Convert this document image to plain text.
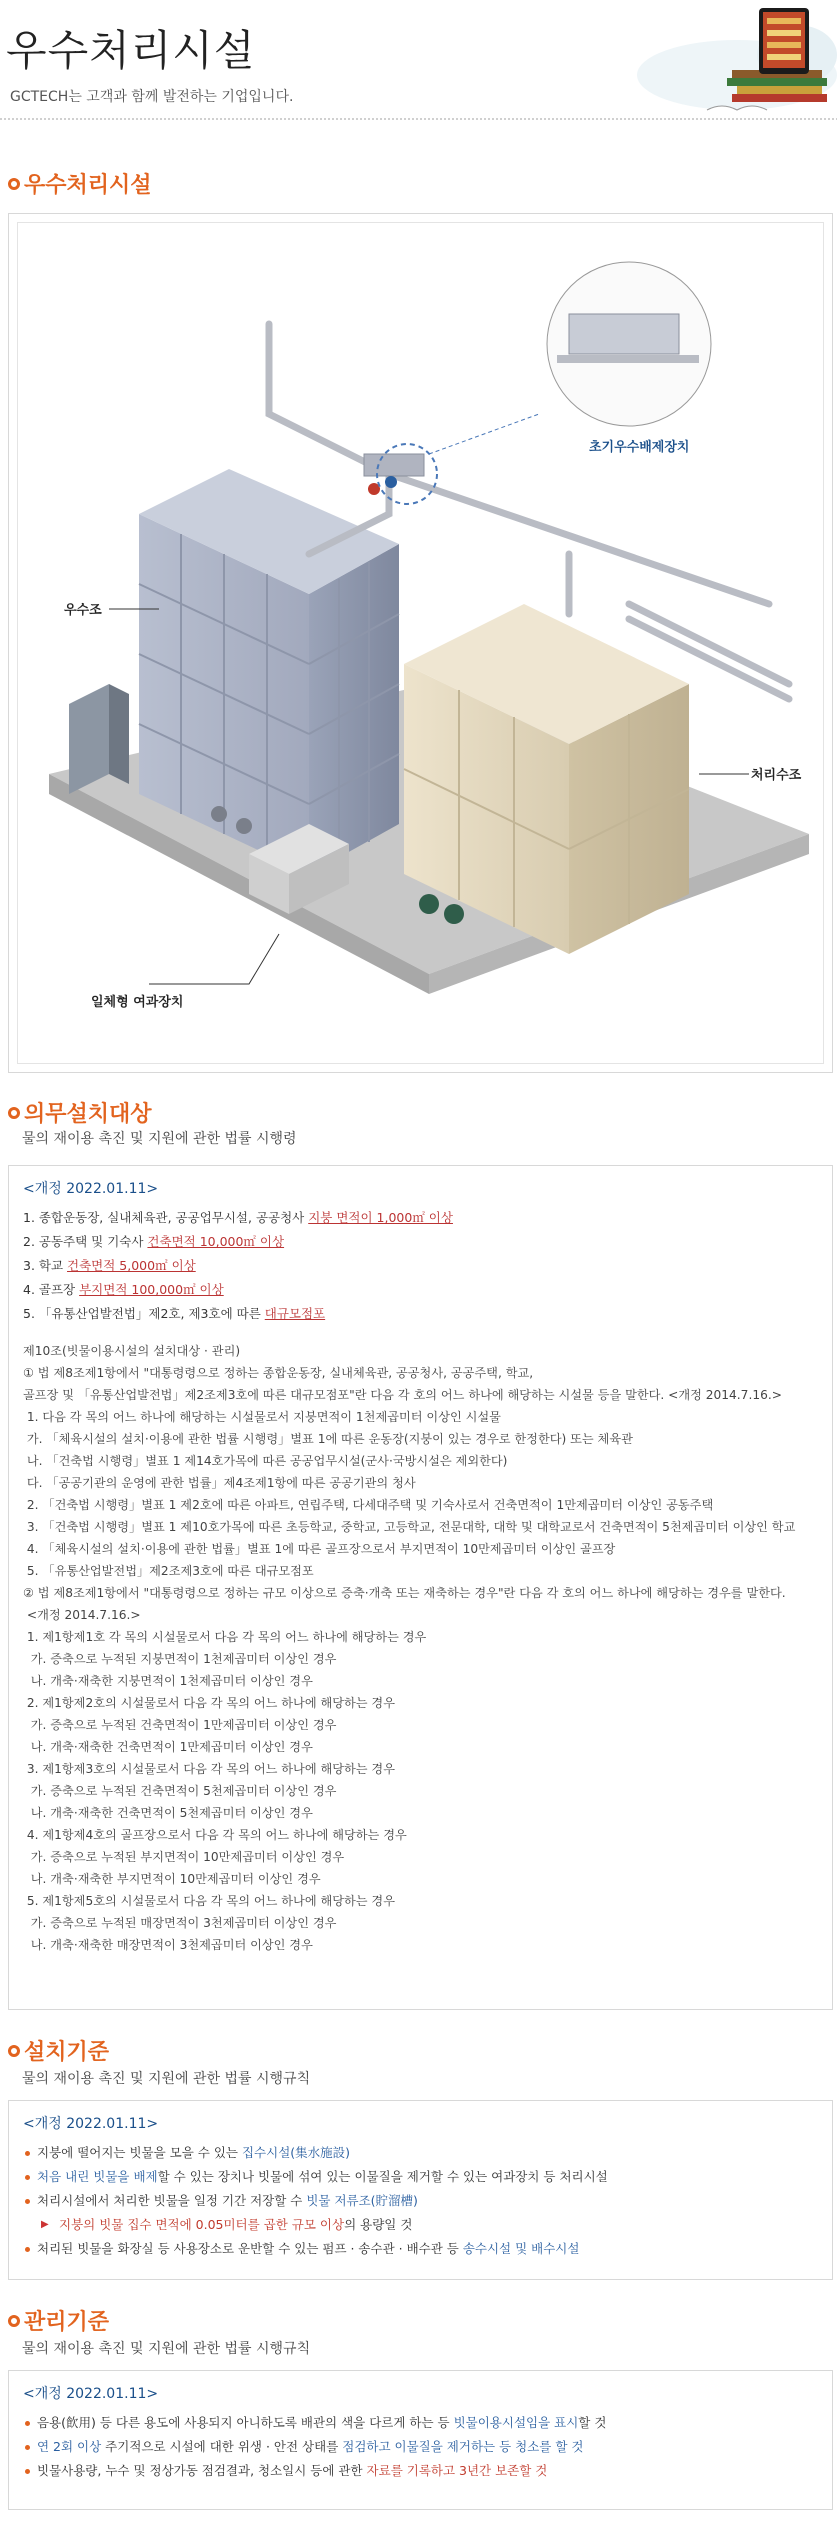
우수처리시설
GCTECH는 고객과 함께 발전하는 기업입니다.
우수처리시설
초기우수배제장치
우수조
처리수조
일체형 여과장치
의무설치대상
물의 재이용 촉진 및 지원에 관한 법률 시행령
<개정 2022.01.11>
1. 종합운동장, 실내체육관, 공공업무시설, 공공청사 지붕 면적이 1,000㎡ 이상
2. 공동주택 및 기숙사 건축면적 10,000㎡ 이상
3. 학교 건축면적 5,000㎡ 이상
4. 골프장 부지면적 100,000㎡ 이상
5. 「유통산업발전법」제2호, 제3호에 따른 대규모점포
제10조(빗물이용시설의 설치대상 · 관리)
① 법 제8조제1항에서 "대통령령으로 정하는 종합운동장, 실내체육관, 공공청사, 공공주택, 학교,
골프장 및 「유통산업발전법」제2조제3호에 따른 대규모점포"란 다음 각 호의 어느 하나에 해당하는 시설물 등을 말한다. <개정 2014.7.16.>
1. 다음 각 목의 어느 하나에 해당하는 시설물로서 지붕면적이 1천제곱미터 이상인 시설물
가. 「체육시설의 설치·이용에 관한 법률 시행령」별표 1에 따른 운동장(지붕이 있는 경우로 한정한다) 또는 체육관
나. 「건축법 시행령」별표 1 제14호가목에 따른 공공업무시설(군사·국방시설은 제외한다)
다. 「공공기관의 운영에 관한 법률」제4조제1항에 따른 공공기관의 청사
2. 「건축법 시행령」별표 1 제2호에 따른 아파트, 연립주택, 다세대주택 및 기숙사로서 건축면적이 1만제곱미터 이상인 공동주택
3. 「건축법 시행령」별표 1 제10호가목에 따른 초등학교, 중학교, 고등학교, 전문대학, 대학 및 대학교로서 건축면적이 5천제곱미터 이상인 학교
4. 「체육시설의 설치·이용에 관한 법률」별표 1에 따른 골프장으로서 부지면적이 10만제곱미터 이상인 골프장
5. 「유통산업발전법」제2조제3호에 따른 대규모점포
② 법 제8조제1항에서 "대통령령으로 정하는 규모 이상으로 증축·개축 또는 재축하는 경우"란 다음 각 호의 어느 하나에 해당하는 경우를 말한다.
<개정 2014.7.16.>
1. 제1항제1호 각 목의 시설물로서 다음 각 목의 어느 하나에 해당하는 경우
가. 증축으로 누적된 지붕면적이 1천제곱미터 이상인 경우
나. 개축·재축한 지붕면적이 1천제곱미터 이상인 경우
2. 제1항제2호의 시설물로서 다음 각 목의 어느 하나에 해당하는 경우
가. 증축으로 누적된 건축면적이 1만제곱미터 이상인 경우
나. 개축·재축한 건축면적이 1만제곱미터 이상인 경우
3. 제1항제3호의 시설물로서 다음 각 목의 어느 하나에 해당하는 경우
가. 증축으로 누적된 건축면적이 5천제곱미터 이상인 경우
나. 개축·재축한 건축면적이 5천제곱미터 이상인 경우
4. 제1항제4호의 골프장으로서 다음 각 목의 어느 하나에 해당하는 경우
가. 증축으로 누적된 부지면적이 10만제곱미터 이상인 경우
나. 개축·재축한 부지면적이 10만제곱미터 이상인 경우
5. 제1항제5호의 시설물로서 다음 각 목의 어느 하나에 해당하는 경우
가. 증축으로 누적된 매장면적이 3천제곱미터 이상인 경우
나. 개축·재축한 매장면적이 3천제곱미터 이상인 경우
설치기준
물의 재이용 촉진 및 지원에 관한 법률 시행규칙
<개정 2022.01.11>
지붕에 떨어지는 빗물을 모을 수 있는 집수시설(集水施設)
처음 내린 빗물을 배제할 수 있는 장치나 빗물에 섞여 있는 이물질을 제거할 수 있는 여과장치 등 처리시설
처리시설에서 처리한 빗물을 일정 기간 저장할 수 빗물 저류조(貯溜槽)
▶ 지붕의 빗물 집수 면적에 0.05미터를 곱한 규모 이상의 용량일 것
처리된 빗물을 화장실 등 사용장소로 운반할 수 있는 펌프 · 송수관 · 배수관 등 송수시설 및 배수시설
관리기준
물의 재이용 촉진 및 지원에 관한 법률 시행규칙
<개정 2022.01.11>
음용(飮用) 등 다른 용도에 사용되지 아니하도록 배관의 색을 다르게 하는 등 빗물이용시설임을 표시할 것
연 2회 이상 주기적으로 시설에 대한 위생 · 안전 상태를 점검하고 이물질을 제거하는 등 청소를 할 것
빗물사용량, 누수 및 정상가동 점검결과, 청소일시 등에 관한 자료를 기록하고 3년간 보존할 것
